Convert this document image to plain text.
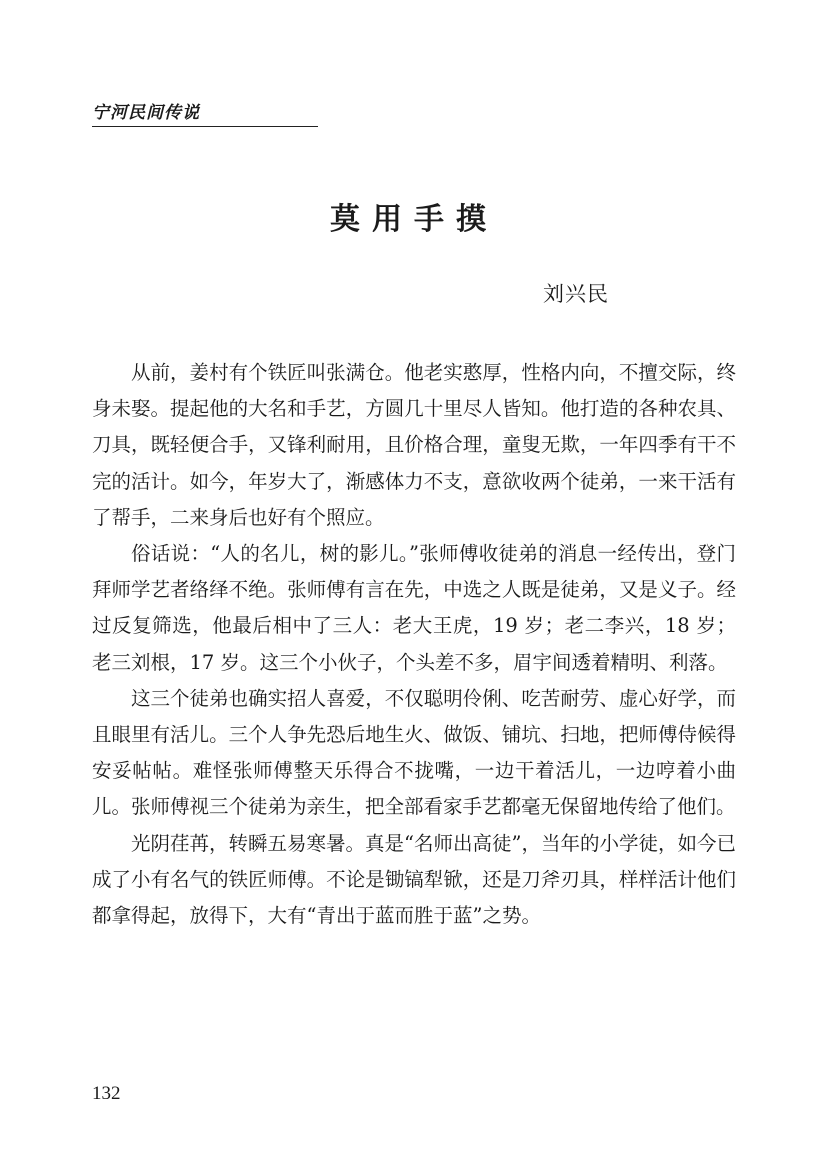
宁河民间传说
莫用手摸
刘兴民

从前，姜村有个铁匠叫张满仓。他老实憨厚，性格内向，不擅交际，终身未娶。提起他的大名和手艺，方圆几十里尽人皆知。他打造的各种农具、刀具，既轻便合手，又锋利耐用，且价格合理，童叟无欺，一年四季有干不完的活计。如今，年岁大了，渐感体力不支，意欲收两个徒弟，一来干活有了帮手，二来身后也好有个照应。

俗话说：“人的名儿，树的影儿。”张师傅收徒弟的消息一经传出，登门拜师学艺者络绎不绝。张师傅有言在先，中选之人既是徒弟，又是义子。经过反复筛选，他最后相中了三人：老大王虎，19 岁；老二李兴，18 岁；老三刘根，17 岁。这三个小伙子，个头差不多，眉宇间透着精明、利落。

这三个徒弟也确实招人喜爱，不仅聪明伶俐、吃苦耐劳、虚心好学，而且眼里有活儿。三个人争先恐后地生火、做饭、铺坑、扫地，把师傅侍候得安妥帖帖。难怪张师傅整天乐得合不拢嘴，一边干着活儿，一边哼着小曲儿。张师傅视三个徒弟为亲生，把全部看家手艺都毫无保留地传给了他们。

光阴荏苒，转瞬五易寒暑。真是“名师出高徒”，当年的小学徒，如今已成了小有名气的铁匠师傅。不论是锄镐犁锨，还是刀斧刃具，样样活计他们都拿得起，放得下，大有“青出于蓝而胜于蓝”之势。

132
